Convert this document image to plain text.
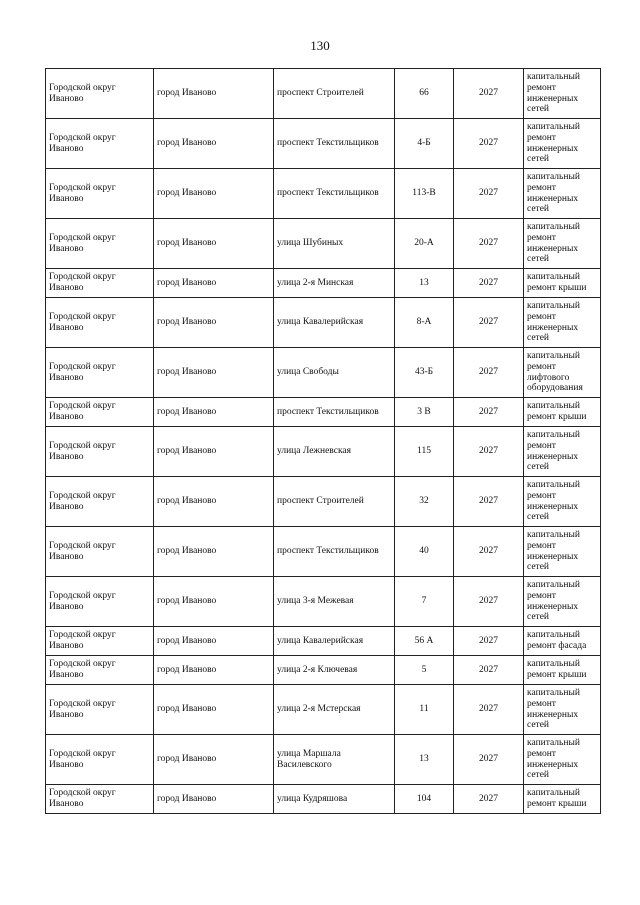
130
Городской округ Иваново	город Иваново	проспект Строителей	66	2027	капитальный ремонт инженерных сетей
Городской округ Иваново	город Иваново	проспект Текстильщиков	4-Б	2027	капитальный ремонт инженерных сетей
Городской округ Иваново	город Иваново	проспект Текстильщиков	113-В	2027	капитальный ремонт инженерных сетей
Городской округ Иваново	город Иваново	улица Шубиных	20-А	2027	капитальный ремонт инженерных сетей
Городской округ Иваново	город Иваново	улица 2-я Минская	13	2027	капитальный ремонт крыши
Городской округ Иваново	город Иваново	улица Кавалерийская	8-А	2027	капитальный ремонт инженерных сетей
Городской округ Иваново	город Иваново	улица Свободы	43-Б	2027	капитальный ремонт лифтового оборудования
Городской округ Иваново	город Иваново	проспект Текстильщиков	3 В	2027	капитальный ремонт крыши
Городской округ Иваново	город Иваново	улица Лежневская	115	2027	капитальный ремонт инженерных сетей
Городской округ Иваново	город Иваново	проспект Строителей	32	2027	капитальный ремонт инженерных сетей
Городской округ Иваново	город Иваново	проспект Текстильщиков	40	2027	капитальный ремонт инженерных сетей
Городской округ Иваново	город Иваново	улица 3-я Межевая	7	2027	капитальный ремонт инженерных сетей
Городской округ Иваново	город Иваново	улица Кавалерийская	56 А	2027	капитальный ремонт фасада
Городской округ Иваново	город Иваново	улица 2-я Ключевая	5	2027	капитальный ремонт крыши
Городской округ Иваново	город Иваново	улица 2-я Мстерская	11	2027	капитальный ремонт инженерных сетей
Городской округ Иваново	город Иваново	улица Маршала Василевского	13	2027	капитальный ремонт инженерных сетей
Городской округ Иваново	город Иваново	улица Кудряшова	104	2027	капитальный ремонт крыши
